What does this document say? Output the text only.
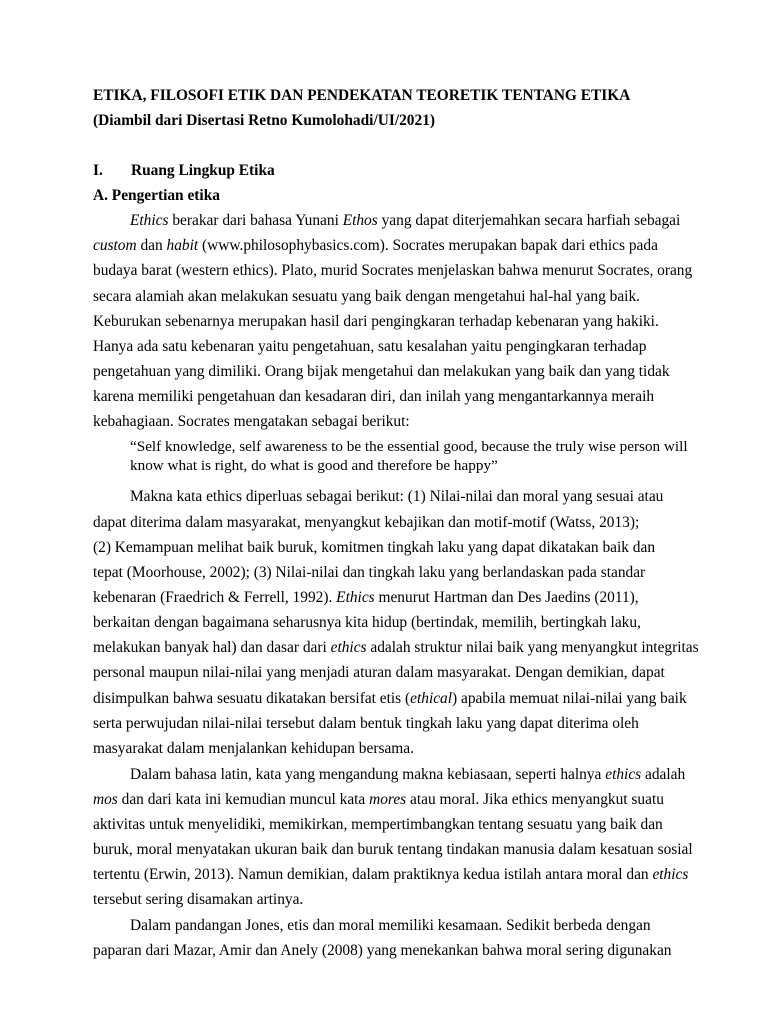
ETIKA, FILOSOFI ETIK DAN PENDEKATAN TEORETIK TENTANG ETIKA
(Diambil dari Disertasi Retno Kumolohadi/UI/2021)
I. Ruang Lingkup Etika
A. Pengertian etika
Ethics berakar dari bahasa Yunani Ethos yang dapat diterjemahkan secara harfiah sebagai
custom dan habit (www.philosophybasics.com). Socrates merupakan bapak dari ethics pada
budaya barat (western ethics). Plato, murid Socrates menjelaskan bahwa menurut Socrates, orang
secara alamiah akan melakukan sesuatu yang baik dengan mengetahui hal-hal yang baik.
Keburukan sebenarnya merupakan hasil dari pengingkaran terhadap kebenaran yang hakiki.
Hanya ada satu kebenaran yaitu pengetahuan, satu kesalahan yaitu pengingkaran terhadap
pengetahuan yang dimiliki. Orang bijak mengetahui dan melakukan yang baik dan yang tidak
karena memiliki pengetahuan dan kesadaran diri, dan inilah yang mengantarkannya meraih
kebahagiaan. Socrates mengatakan sebagai berikut:
“Self knowledge, self awareness to be the essential good, because the truly wise person will
know what is right, do what is good and therefore be happy”
Makna kata ethics diperluas sebagai berikut: (1) Nilai-nilai dan moral yang sesuai atau
dapat diterima dalam masyarakat, menyangkut kebajikan dan motif-motif (Watss, 2013);
(2) Kemampuan melihat baik buruk, komitmen tingkah laku yang dapat dikatakan baik dan
tepat (Moorhouse, 2002); (3) Nilai-nilai dan tingkah laku yang berlandaskan pada standar
kebenaran (Fraedrich & Ferrell, 1992). Ethics menurut Hartman dan Des Jaedins (2011),
berkaitan dengan bagaimana seharusnya kita hidup (bertindak, memilih, bertingkah laku,
melakukan banyak hal) dan dasar dari ethics adalah struktur nilai baik yang menyangkut integritas
personal maupun nilai-nilai yang menjadi aturan dalam masyarakat. Dengan demikian, dapat
disimpulkan bahwa sesuatu dikatakan bersifat etis (ethical) apabila memuat nilai-nilai yang baik
serta perwujudan nilai-nilai tersebut dalam bentuk tingkah laku yang dapat diterima oleh
masyarakat dalam menjalankan kehidupan bersama.
Dalam bahasa latin, kata yang mengandung makna kebiasaan, seperti halnya ethics adalah
mos dan dari kata ini kemudian muncul kata mores atau moral. Jika ethics menyangkut suatu
aktivitas untuk menyelidiki, memikirkan, mempertimbangkan tentang sesuatu yang baik dan
buruk, moral menyatakan ukuran baik dan buruk tentang tindakan manusia dalam kesatuan sosial
tertentu (Erwin, 2013). Namun demikian, dalam praktiknya kedua istilah antara moral dan ethics
tersebut sering disamakan artinya.
Dalam pandangan Jones, etis dan moral memiliki kesamaan. Sedikit berbeda dengan
paparan dari Mazar, Amir dan Anely (2008) yang menekankan bahwa moral sering digunakan
